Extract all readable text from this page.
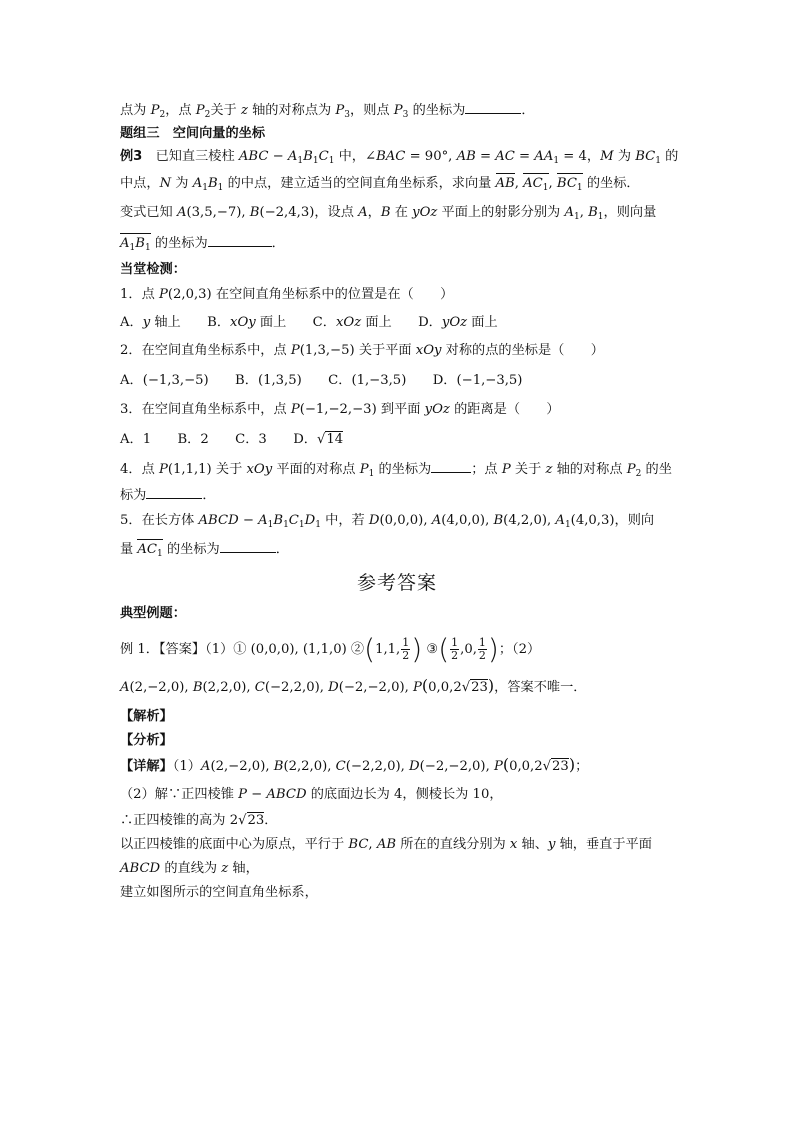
点为 $P_2$，点 $P_2$关于 z 轴的对称点为 $P_3$，则点 $P_3$ 的坐标为	．
题组三　空间向量的坐标
例3　 已知直三棱柱 ABC − $A_1B_1C_1$ 中，∠BAC = 90°, AB = AC = $AA_1 = 4$，M 为 $BC_1$ 的
中点，N 为 $A_1B_1$ 的中点，建立适当的空间直角坐标系，求向量 AB, $AC_1$, $BC_1$ 的坐标．
变式已知 A(3,5,−7), B(−2,4,3)，设点 A，B 在 yOz 平面上的射影分别为 $A_1$, $B_1$，则向量
$A_1B_1$ 的坐标为	．
当堂检测：
1．点 P(2,0,3) 在空间直角坐标系中的位置是在（　　）
A．y 轴上　　 B．xOy 面上　　 C．xOz 面上　　 D．yOz 面上
2．在空间直角坐标系中，点 P(1,3,−5) 关于平面 xOy 对称的点的坐标是（　　）
A．(−1,3,−5)　　B．(1,3,5)　　C．(1,−3,5)　　D．(−1,−3,5)
3．在空间直角坐标系中，点 P(−1,−2,−3) 到平面 yOz 的距离是（　　）
A．1　　 B．2　　 C．3　　 D．√14
4．点 P(1,1,1) 关于 xOy 平面的对称点 $P_1$ 的坐标为	；点 P 关于 z 轴的对称点 $P_2$ 的坐
标为	．
5．在长方体 ABCD − $A_1B_1C_1D_1$ 中，若 D(0,0,0), A(4,0,0), B(4,2,0), $A_1(4,0,3)$，则向
量 $AC_1$ 的坐标为	．
参考答案
典型例题：
例 1．【答案】（1）① (0,0,0), (1,1,0) ②(1,1, $\frac{1}{2}$ ) ③( $\frac{1}{2} ,0$, $\frac{1}{2}$ )；（2）
A(2,−2,0), B(2,2,0), C(−2,2,0), D(−2,−2,0), P(0,0,2√23)，答案不唯一．
【解析】
【分析】
【详解】（1）A(2,−2,0), B(2,2,0), C(−2,2,0), D(−2,−2,0), P(0,0,2√23)；
（2）解∵正四棱锥 P − ABCD 的底面边长为 4，侧棱长为 10，
∴正四棱锥的高为 2√23．
以正四棱锥的底面中心为原点，平行于 BC, AB 所在的直线分别为 x 轴、y 轴，垂直于平面
ABCD 的直线为 z 轴，
建立如图所示的空间直角坐标系，
